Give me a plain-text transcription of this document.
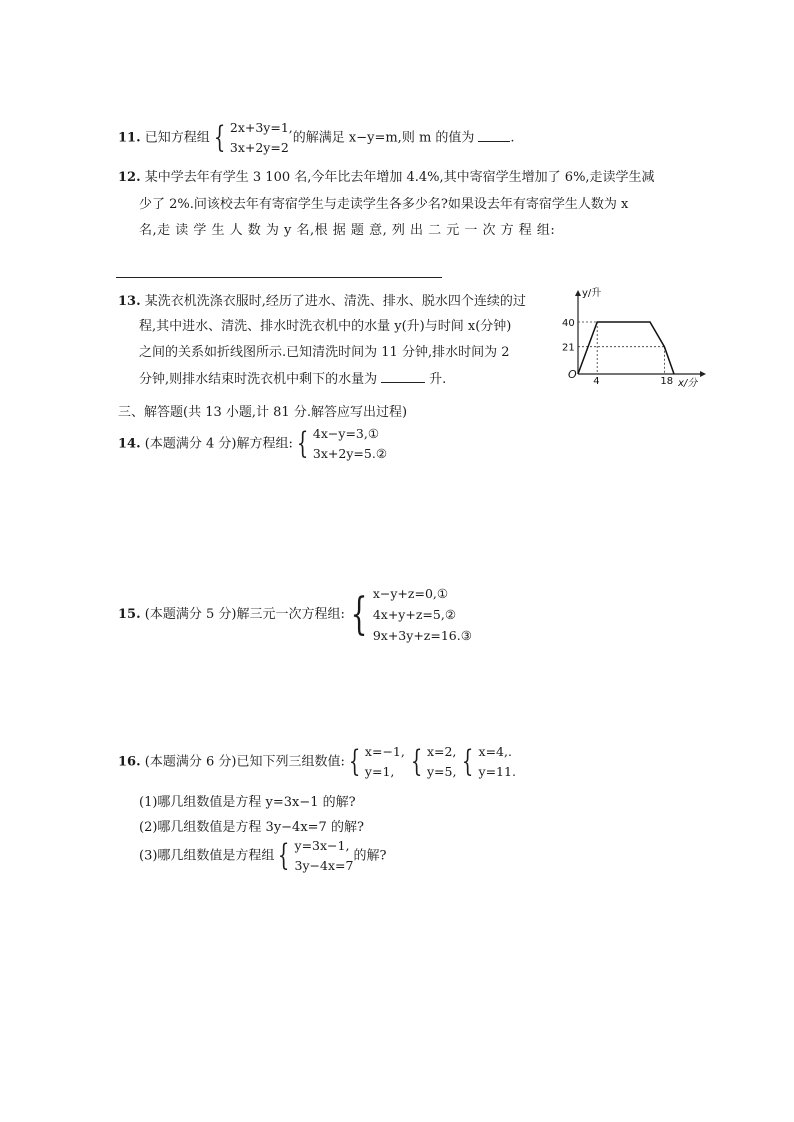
11. 已知方程组 { 2x+3y=1,
3x+2y=2
的解满足 x−y=m,则 m 的值为	.
12. 某中学去年有学生 3 100 名,今年比去年增加 4.4%,其中寄宿学生增加了 6%,走读学生减
少了 2%.问该校去年有寄宿学生与走读学生各多少名?如果设去年有寄宿学生人数为 x
名,走 读 学 生 人 数 为 y 名,根 据 题 意, 列 出 二 元 一 次 方 程 组:
13. 某洗衣机洗涤衣服时,经历了进水、清洗、排水、脱水四个连续的过
程,其中进水、清洗、排水时洗衣机中的水量 y(升)与时间 x(分钟)
之间的关系如折线图所示.已知清洗时间为 11 分钟,排水时间为 2
分钟,则排水结束时洗衣机中剩下的水量为	升.
y/升
x/分
O
40
21
4	18
三、解答题(共 13 小题,计 81 分.解答应写出过程)
14. (本题满分 4 分)解方程组: { 4x−y=3,①
3x+2y=5.②
15. (本题满分 5 分)解三元一次方程组: { x−y+z=0,①
4x+y+z=5,②
9x+3y+z=16.③
16. (本题满分 6 分)已知下列三组数值: { x=−1,
y=1, { x=2,
y=5, { x=4,.
y=11.
(1)哪几组数值是方程 y=3x−1 的解?
(2)哪几组数值是方程 3y−4x=7 的解?
(3)哪几组数值是方程组 { y=3x−1,
3y−4x=7
的解?
